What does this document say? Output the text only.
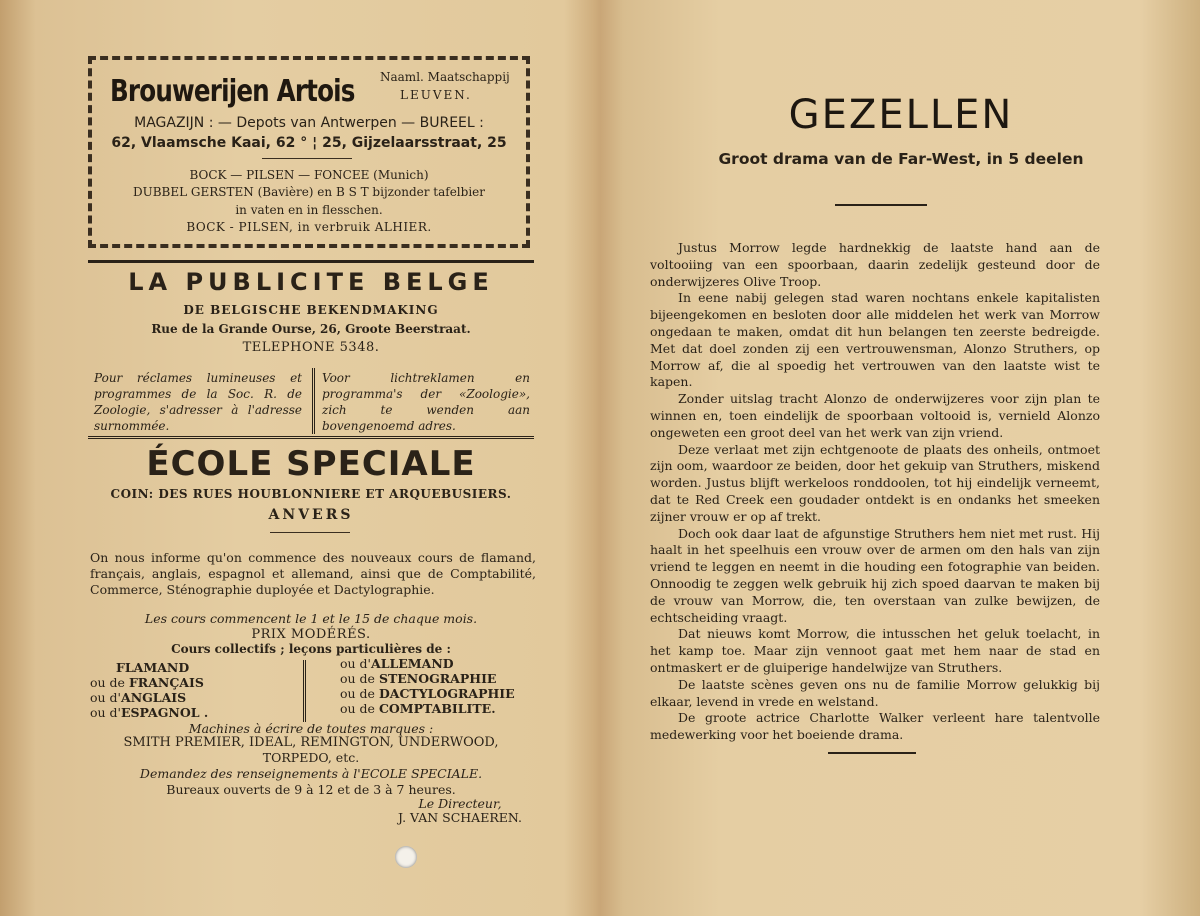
Brouwerijen Artois Naaml. Maatschappij
LEUVEN.
MAGAZIJN : — Depots van Antwerpen — BUREEL :
62, Vlaamsche Kaai, 62 ° ¦ 25, Gijzelaarsstraat, 25
BOCK — PILSEN — FONCEE (Munich)
DUBBEL GERSTEN (Bavière) en B S T bijzonder tafelbier
in vaten en in flesschen.
BOCK - PILSEN, in verbruik ALHIER.
LA PUBLICITE BELGE
DE BELGISCHE BEKENDMAKING
Rue de la Grande Ourse, 26, Groote Beerstraat.
TELEPHONE 5348.
Pour réclames lumineuses et programmes de la Soc. R. de Zoologie, s'adresser à l'adresse surnommée.
Voor lichtreklamen en programma's der «Zoologie», zich te wenden aan bovengenoemd adres.
ÉCOLE SPECIALE
COIN: DES RUES HOUBLONNIERE ET ARQUEBUSIERS.
ANVERS
On nous informe qu'on commence des nouveaux cours de flamand, français, anglais, espagnol et allemand, ainsi que de Comptabilité, Commerce, Sténographie duployée et Dactylographie.
Les cours commencent le 1 et le 15 de chaque mois.
PRIX MODÉRÉS.
Cours collectifs ; leçons particulières de :
FLAMAND
ou de FRANÇAIS
ou d'ANGLAIS
ou d'ESPAGNOL .
ou d'ALLEMAND
ou de STENOGRAPHIE
ou de DACTYLOGRAPHIE
ou de COMPTABILITE.
Machines à écrire de toutes marques :
SMITH PREMIER, IDEAL, REMINGTON, UNDERWOOD,
TORPEDO, etc.
Demandez des renseignements à l'ECOLE SPECIALE.
Bureaux ouverts de 9 à 12 et de 3 à 7 heures.
Le Directeur,
J. VAN SCHAEREN.
GEZELLEN
Groot drama van de Far-West, in 5 deelen

Justus Morrow legde hardnekkig de laatste hand aan de voltooiing van een spoorbaan, daarin zedelijk gesteund door de onderwijzeres Olive Troop.

In eene nabij gelegen stad waren nochtans enkele kapitalisten bijeengekomen en besloten door alle middelen het werk van Morrow ongedaan te maken, omdat dit hun belangen ten zeerste bedreigde. Met dat doel zonden zij een vertrouwensman, Alonzo Struthers, op Morrow af, die al spoedig het vertrouwen van den laatste wist te kapen.

Zonder uitslag tracht Alonzo de onderwijzeres voor zijn plan te winnen en, toen eindelijk de spoorbaan voltooid is, vernield Alonzo ongeweten een groot deel van het werk van zijn vriend.

Deze verlaat met zijn echtgenoote de plaats des onheils, ontmoet zijn oom, waardoor ze beiden, door het gekuip van Struthers, miskend worden. Justus blijft werkeloos ronddoolen, tot hij eindelijk verneemt, dat te Red Creek een goudader ontdekt is en ondanks het smeeken zijner vrouw er op af trekt.

Doch ook daar laat de afgunstige Struthers hem niet met rust. Hij haalt in het speelhuis een vrouw over de armen om den hals van zijn vriend te leggen en neemt in die houding een fotographie van beiden. Onnoodig te zeggen welk gebruik hij zich spoed daarvan te maken bij de vrouw van Morrow, die, ten overstaan van zulke bewijzen, de echtscheiding vraagt.

Dat nieuws komt Morrow, die intusschen het geluk toelacht, in het kamp toe. Maar zijn vennoot gaat met hem naar de stad en ontmaskert er de gluiperige handelwijze van Struthers.

De laatste scènes geven ons nu de familie Morrow gelukkig bij elkaar, levend in vrede en welstand.

De groote actrice Charlotte Walker verleent hare talentvolle medewerking voor het boeiende drama.
